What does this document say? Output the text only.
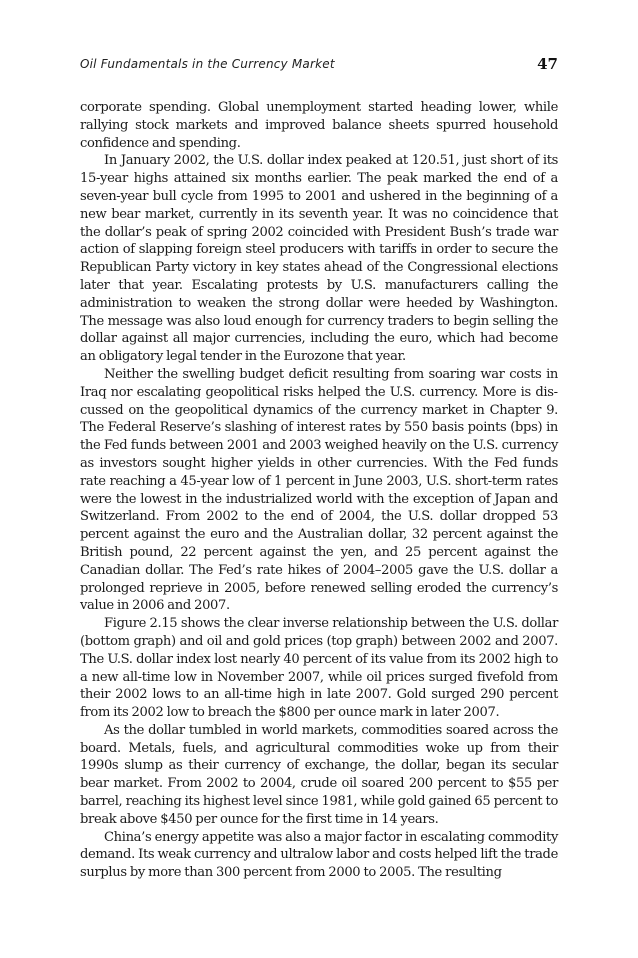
Oil Fundamentals in the Currency Market	47

corporate spending. Global unemployment started heading lower, while rallying stock markets and improved balance sheets spurred household confidence and spending.

In January 2002, the U.S. dollar index peaked at 120.51, just short of its 15-year highs attained six months earlier. The peak marked the end of a seven-year bull cycle from 1995 to 2001 and ushered in the beginning of a new bear market, currently in its seventh year. It was no coincidence that the dollar’s peak of spring 2002 coincided with President Bush’s trade war action of slapping foreign steel producers with tariffs in order to secure the Republican Party victory in key states ahead of the Congressional elections later that year. Escalating protests by U.S. manufacturers calling the administration to weaken the strong dollar were heeded by Washington. The message was also loud enough for currency traders to begin selling the dollar against all major currencies, including the euro, which had become an obligatory legal tender in the Eurozone that year.

Neither the swelling budget deficit resulting from soaring war costs in Iraq nor escalating geopolitical risks helped the U.S. currency. More is discussed on the geopolitical dynamics of the currency market in Chapter 9. The Federal Reserve’s slashing of interest rates by 550 basis points (bps) in the Fed funds between 2001 and 2003 weighed heavily on the U.S. currency as investors sought higher yields in other currencies. With the Fed funds rate reaching a 45-year low of 1 percent in June 2003, U.S. short-term rates were the lowest in the industrialized world with the exception of Japan and Switzerland. From 2002 to the end of 2004, the U.S. dollar dropped 53 percent against the euro and the Australian dollar, 32 percent against the British pound, 22 percent against the yen, and 25 percent against the Canadian dollar. The Fed’s rate hikes of 2004–2005 gave the U.S. dollar a prolonged reprieve in 2005, before renewed selling eroded the currency’s value in 2006 and 2007.

Figure 2.15 shows the clear inverse relationship between the U.S. dollar (bottom graph) and oil and gold prices (top graph) between 2002 and 2007. The U.S. dollar index lost nearly 40 percent of its value from its 2002 high to a new all-time low in November 2007, while oil prices surged fivefold from their 2002 lows to an all-time high in late 2007. Gold surged 290 percent from its 2002 low to breach the $800 per ounce mark in later 2007.

As the dollar tumbled in world markets, commodities soared across the board. Metals, fuels, and agricultural commodities woke up from their 1990s slump as their currency of exchange, the dollar, began its secular bear market. From 2002 to 2004, crude oil soared 200 percent to $55 per barrel, reaching its highest level since 1981, while gold gained 65 percent to break above $450 per ounce for the first time in 14 years.

China’s energy appetite was also a major factor in escalating commodity demand. Its weak currency and ultralow labor and costs helped lift the trade surplus by more than 300 percent from 2000 to 2005. The resulting
